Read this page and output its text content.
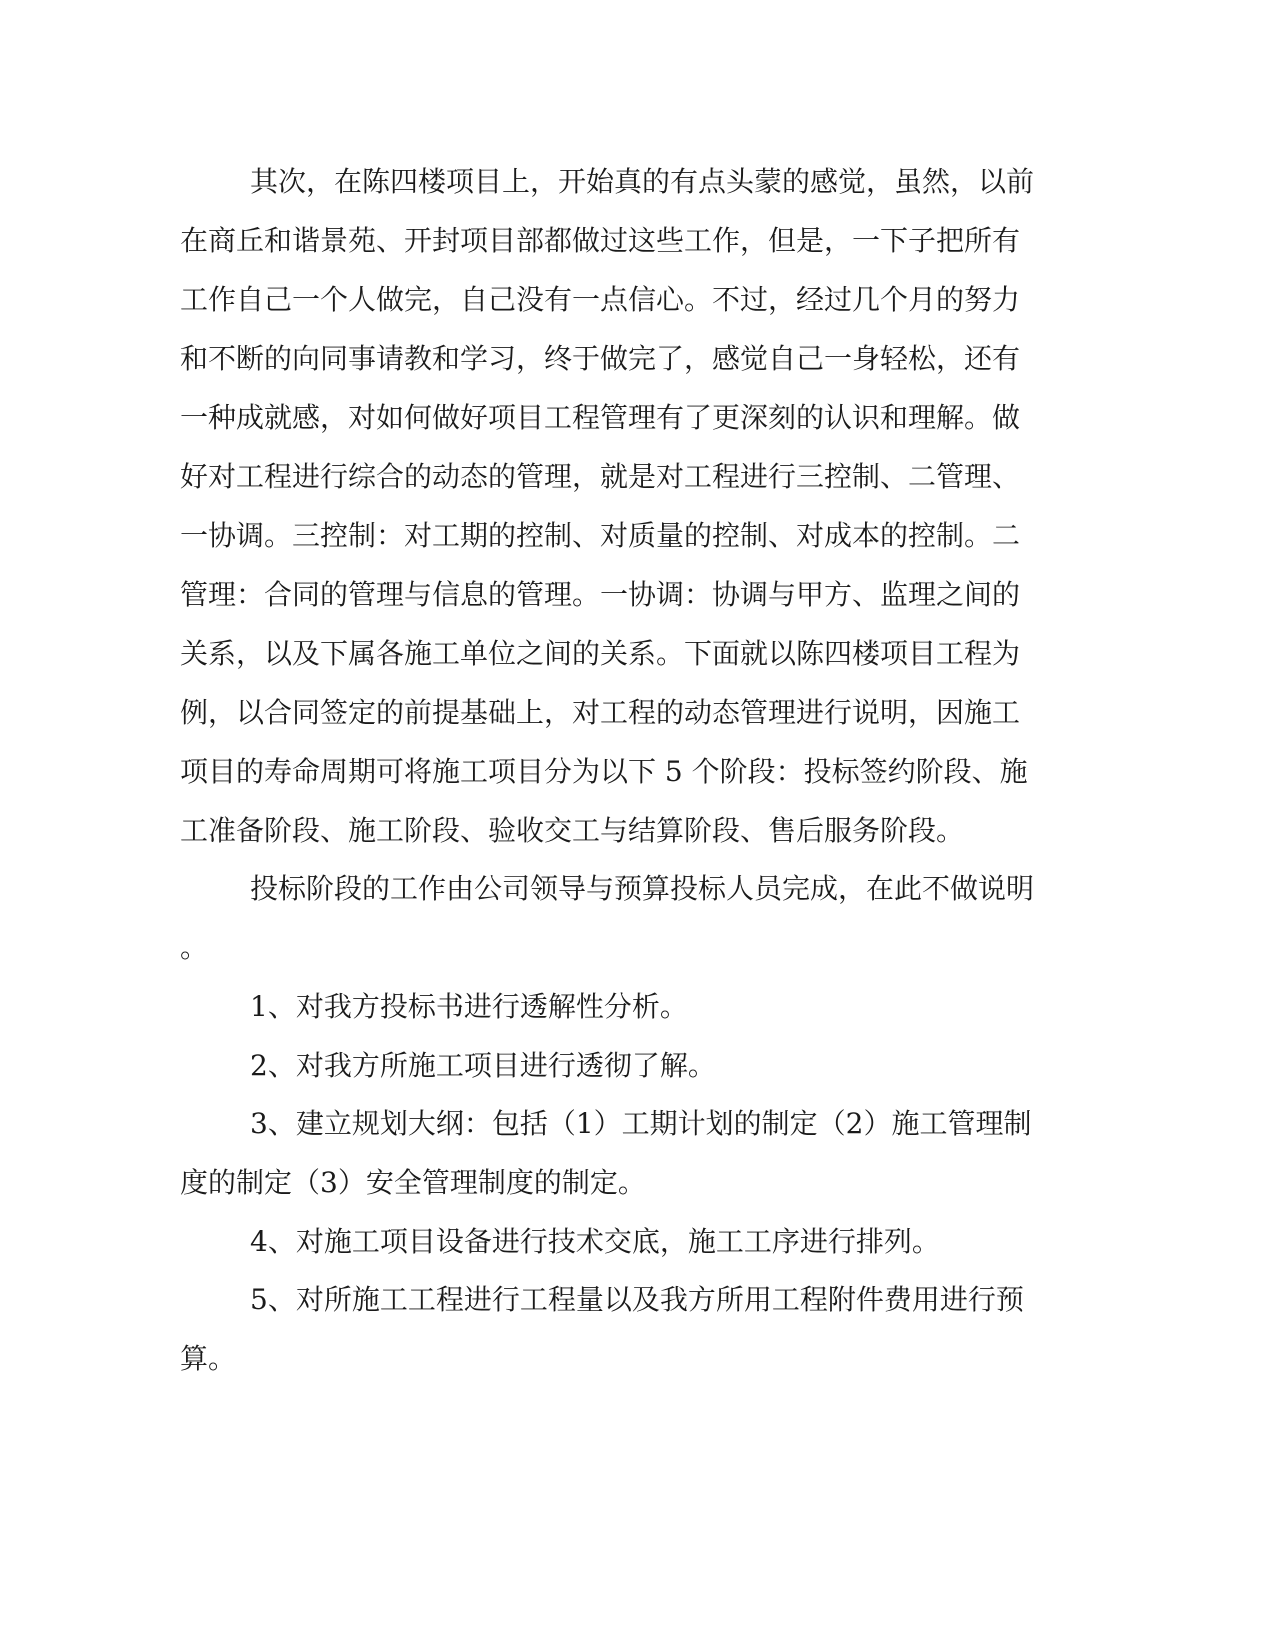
其次，在陈四楼项目上，开始真的有点头蒙的感觉，虽然，以前
在商丘和谐景苑、开封项目部都做过这些工作，但是，一下子把所有
工作自己一个人做完，自己没有一点信心。不过，经过几个月的努力
和不断的向同事请教和学习，终于做完了，感觉自己一身轻松，还有
一种成就感，对如何做好项目工程管理有了更深刻的认识和理解。做
好对工程进行综合的动态的管理，就是对工程进行三控制、二管理、
一协调。三控制：对工期的控制、对质量的控制、对成本的控制。二
管理：合同的管理与信息的管理。一协调：协调与甲方、监理之间的
关系，以及下属各施工单位之间的关系。下面就以陈四楼项目工程为
例，以合同签定的前提基础上，对工程的动态管理进行说明，因施工
项目的寿命周期可将施工项目分为以下 5 个阶段：投标签约阶段、施
工准备阶段、施工阶段、验收交工与结算阶段、售后服务阶段。
投标阶段的工作由公司领导与预算投标人员完成，在此不做说明
。
1、对我方投标书进行透解性分析。
2、对我方所施工项目进行透彻了解。
3、建立规划大纲：包括（1）工期计划的制定（2）施工管理制
度的制定（3）安全管理制度的制定。
4、对施工项目设备进行技术交底，施工工序进行排列。
5、对所施工工程进行工程量以及我方所用工程附件费用进行预
算。
